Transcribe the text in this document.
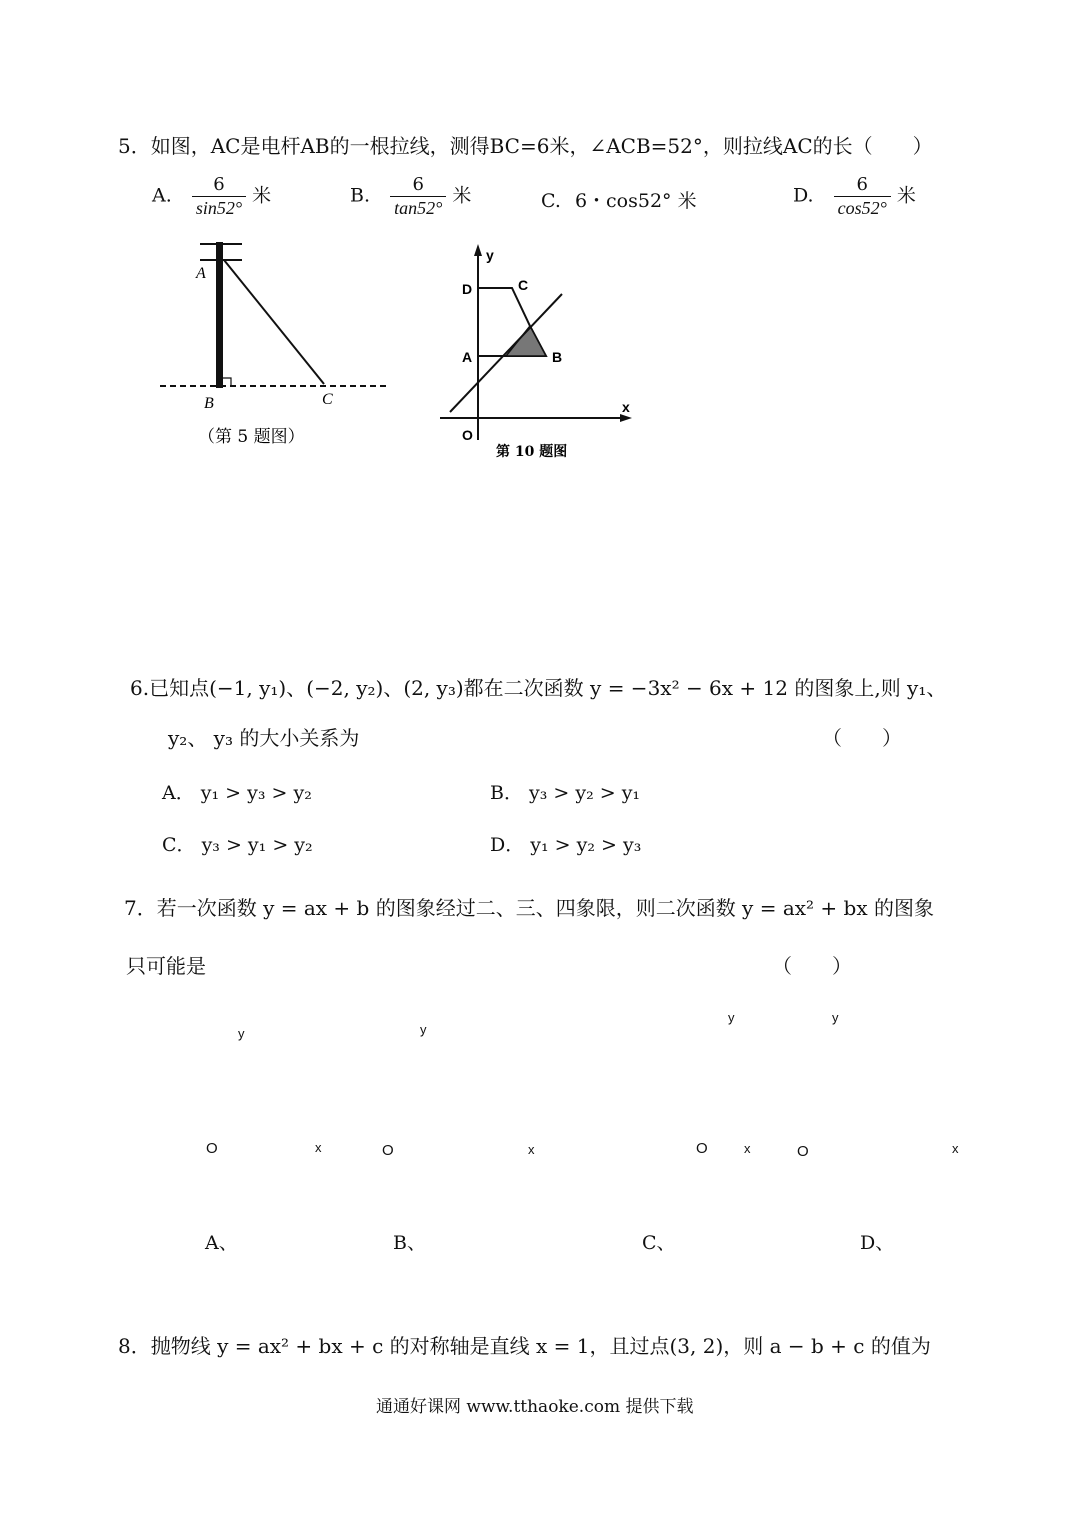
5．如图，AC是电杆AB的一根拉线，测得BC=6米，∠ACB=52°，则拉线AC的长（　　）
A. $\frac{6}{\sin 52^\circ}$ 米	B. $\frac{6}{\tan 52^\circ}$ 米	C. 6・cos52° 米	D. $\frac{6}{\cos 52^\circ}$ 米
A
B	C
（第 5 题图）
y
x
O
D	C
A	B
第 10 题图
6.已知点(−1, y₁)、(−2, y₂)、(2, y₃)都在二次函数 y = −3x² − 6x + 12 的图象上,则 y₁、
y₂、 y₃ 的大小关系为	（　　）
A． y₁ > y₃ > y₂	B． y₃ > y₂ > y₁
C． y₃ > y₁ > y₂	D． y₁ > y₂ > y₃
7．若一次函数 y = ax + b 的图象经过二、三、四象限，则二次函数 y = ax² + bx 的图象
只可能是	（　　）
y
O	x
A、
y
O	x
B、
y
O	x
C、
y
O	x
D、
8．抛物线 y = ax² + bx + c 的对称轴是直线 x = 1，且过点(3, 2)，则 a − b + c 的值为
通通好课网 www.tthaoke.com 提供下载
